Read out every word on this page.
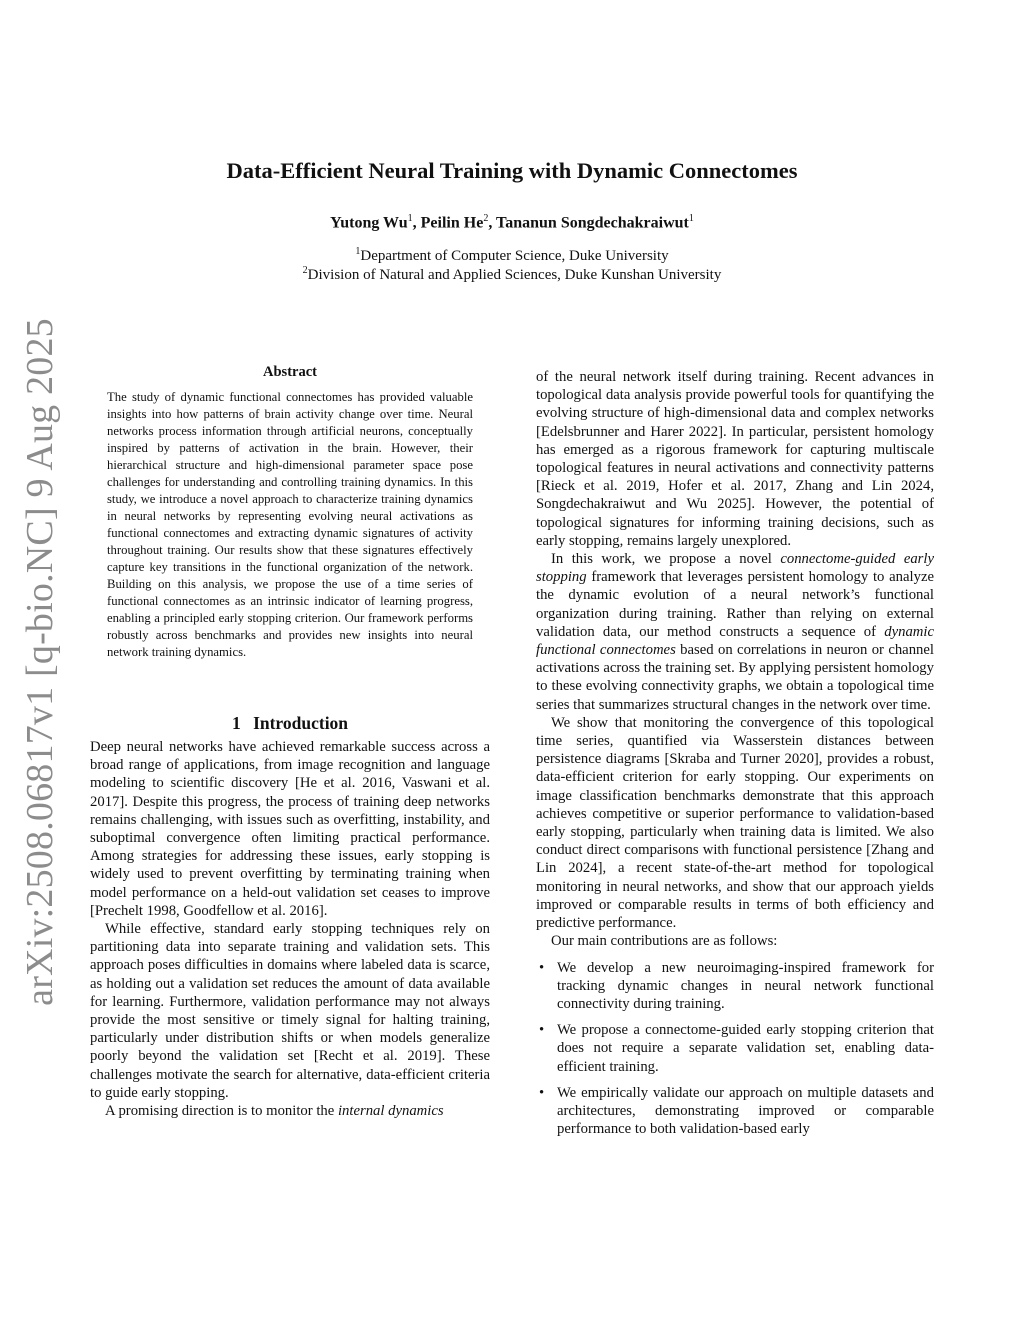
arXiv:2508.06817v1 [q-bio.NC] 9 Aug 2025
Data-Efficient Neural Training with Dynamic Connectomes
Yutong Wu$^1$, Peilin He$^2$, Tananun Songdechakraiwut$^1$
$^1$Department of Computer Science, Duke University
$^2$Division of Natural and Applied Sciences, Duke Kunshan University
Abstract
The study of dynamic functional connectomes has provided valuable insights into how patterns of brain activity change over time. Neural networks process information through artificial neurons, conceptually inspired by patterns of activation in the brain. However, their hierarchical structure and high-dimensional parameter space pose challenges for understanding and controlling training dynamics. In this study, we introduce a novel approach to characterize training dynamics in neural networks by representing evolving neural activations as functional connectomes and extracting dynamic signatures of activity throughout training. Our results show that these signatures effectively capture key transitions in the functional organization of the network. Building on this analysis, we propose the use of a time series of functional connectomes as an intrinsic indicator of learning progress, enabling a principled early stopping criterion. Our framework performs robustly across benchmarks and provides new insights into neural network training dynamics.
1 Introduction

Deep neural networks have achieved remarkable success across a broad range of applications, from image recognition and language modeling to scientific discovery [He et al. 2016, Vaswani et al. 2017]. Despite this progress, the process of training deep networks remains challenging, with issues such as overfitting, instability, and suboptimal convergence often limiting practical performance. Among strategies for addressing these issues, early stopping is widely used to prevent overfitting by terminating training when model performance on a held-out validation set ceases to improve [Prechelt 1998, Goodfellow et al. 2016].

While effective, standard early stopping techniques rely on partitioning data into separate training and validation sets. This approach poses difficulties in domains where labeled data is scarce, as holding out a validation set reduces the amount of data available for learning. Furthermore, validation performance may not always provide the most sensitive or timely signal for halting training, particularly under distribution shifts or when models generalize poorly beyond the validation set [Recht et al. 2019]. These challenges motivate the search for alternative, data-efficient criteria to guide early stopping.

A promising direction is to monitor the internal dynamics

of the neural network itself during training. Recent advances in topological data analysis provide powerful tools for quantifying the evolving structure of high-dimensional data and complex networks [Edelsbrunner and Harer 2022]. In particular, persistent homology has emerged as a rigorous framework for capturing multiscale topological features in neural activations and connectivity patterns [Rieck et al. 2019, Hofer et al. 2017, Zhang and Lin 2024, Songdechakraiwut and Wu 2025]. However, the potential of topological signatures for informing training decisions, such as early stopping, remains largely unexplored.

In this work, we propose a novel connectome-guided early stopping framework that leverages persistent homology to analyze the dynamic evolution of a neural network’s functional organization during training. Rather than relying on external validation data, our method constructs a sequence of dynamic functional connectomes based on correlations in neuron or channel activations across the training set. By applying persistent homology to these evolving connectivity graphs, we obtain a topological time series that summarizes structural changes in the network over time.

We show that monitoring the convergence of this topological time series, quantified via Wasserstein distances between persistence diagrams [Skraba and Turner 2020], provides a robust, data-efficient criterion for early stopping. Our experiments on image classification benchmarks demonstrate that this approach achieves competitive or superior performance to validation-based early stopping, particularly when training data is limited. We also conduct direct comparisons with functional persistence [Zhang and Lin 2024], a recent state-of-the-art method for topological monitoring in neural networks, and show that our approach yields improved or comparable results in terms of both efficiency and predictive performance.

Our main contributions are as follows:

• We develop a new neuroimaging-inspired framework for tracking dynamic changes in neural network functional connectivity during training.
• We propose a connectome-guided early stopping criterion that does not require a separate validation set, enabling data-efficient training.
• We empirically validate our approach on multiple datasets and architectures, demonstrating improved or comparable performance to both validation-based early
